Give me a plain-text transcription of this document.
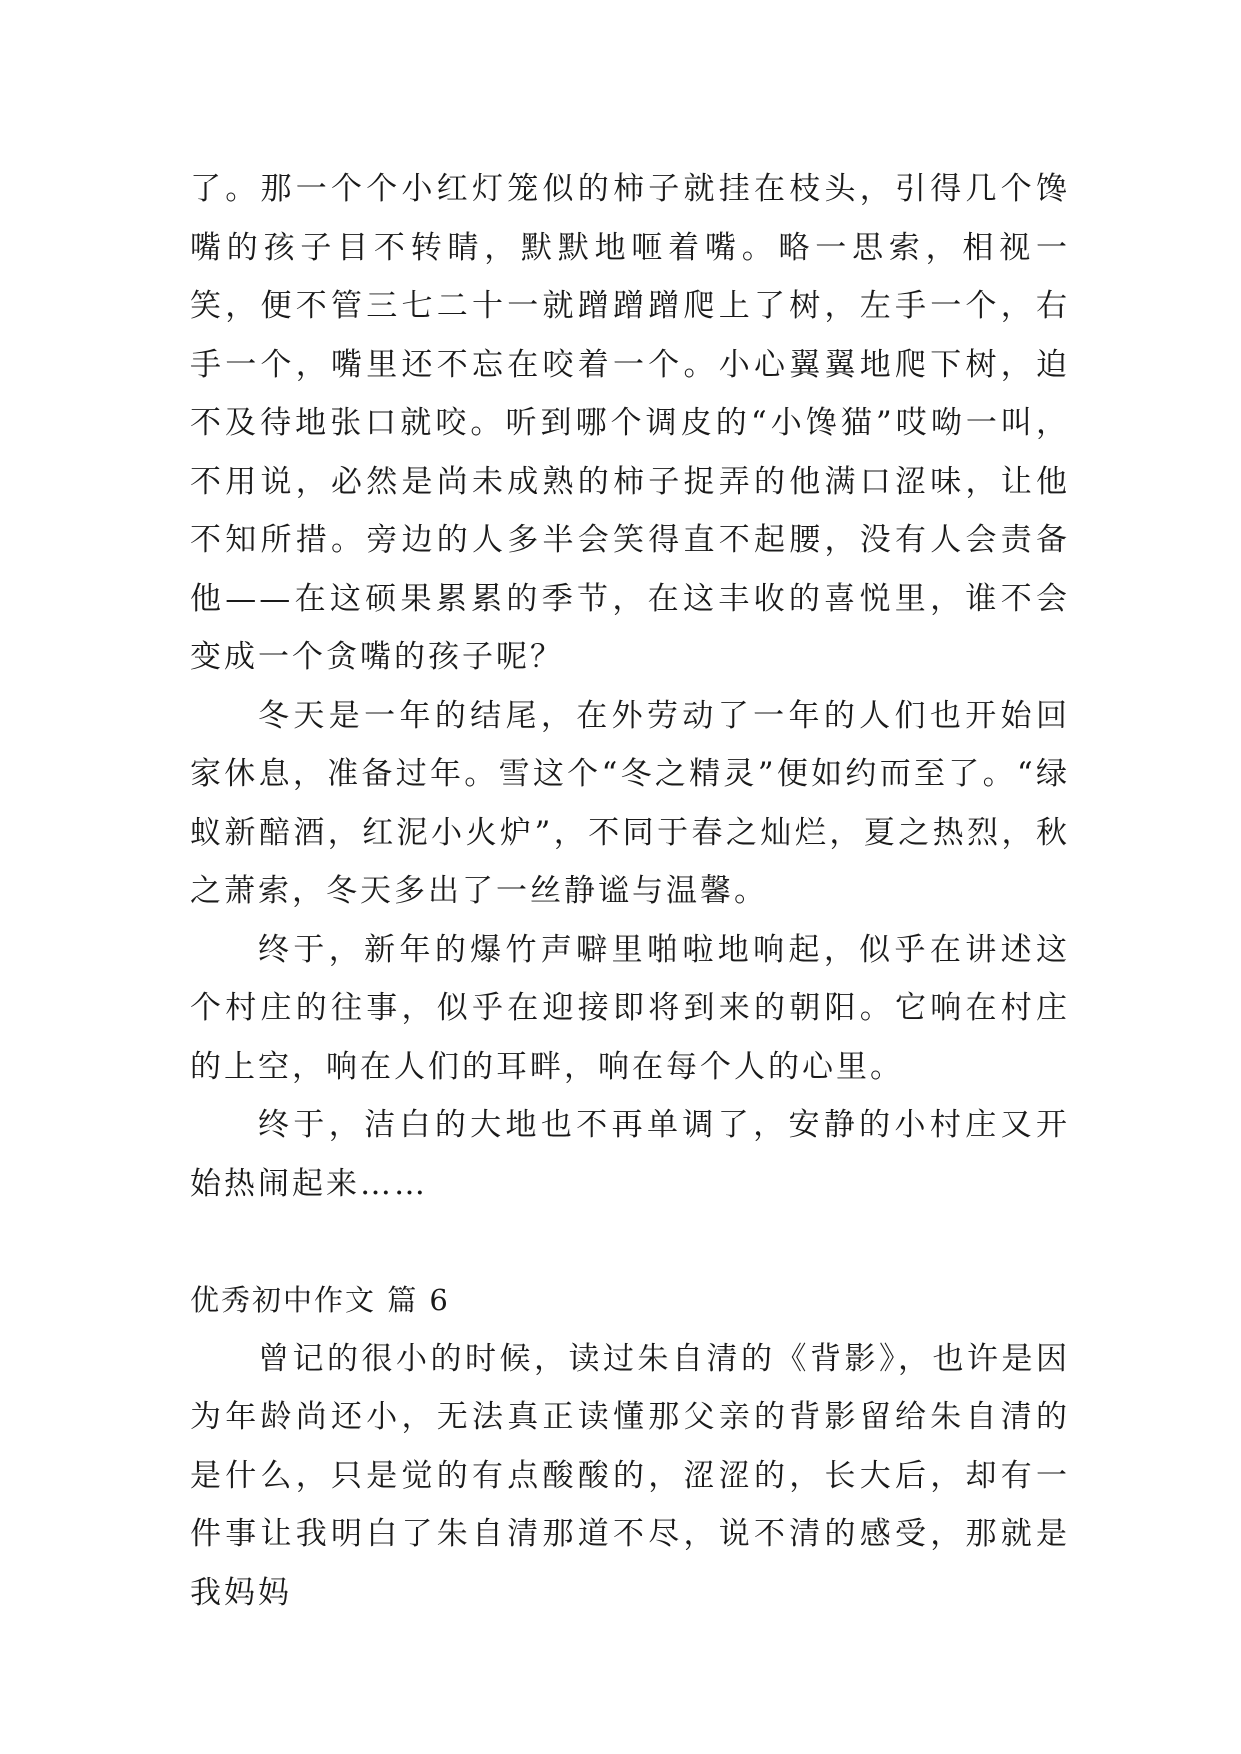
了。那一个个小红灯笼似的柿子就挂在枝头，引得几个馋嘴的孩子目不转睛，默默地咂着嘴。略一思索，相视一笑，便不管三七二十一就蹭蹭蹭爬上了树，左手一个，右手一个，嘴里还不忘在咬着一个。小心翼翼地爬下树，迫不及待地张口就咬。听到哪个调皮的“小馋猫”哎呦一叫，不用说，必然是尚未成熟的柿子捉弄的他满口涩味，让他不知所措。旁边的人多半会笑得直不起腰，没有人会责备他——在这硕果累累的季节，在这丰收的喜悦里，谁不会变成一个贪嘴的孩子呢？

冬天是一年的结尾，在外劳动了一年的人们也开始回家休息，准备过年。雪这个“冬之精灵”便如约而至了。“绿蚁新醅酒，红泥小火炉”，不同于春之灿烂，夏之热烈，秋之萧索，冬天多出了一丝静谧与温馨。

终于，新年的爆竹声噼里啪啦地响起，似乎在讲述这个村庄的往事，似乎在迎接即将到来的朝阳。它响在村庄的上空，响在人们的耳畔，响在每个人的心里。

终于，洁白的大地也不再单调了，安静的小村庄又开始热闹起来……

优秀初中作文 篇 6

曾记的很小的时候，读过朱自清的《背影》，也许是因为年龄尚还小，无法真正读懂那父亲的背影留给朱自清的是什么，只是觉的有点酸酸的，涩涩的，长大后，却有一件事让我明白了朱自清那道不尽，说不清的感受，那就是我妈妈
